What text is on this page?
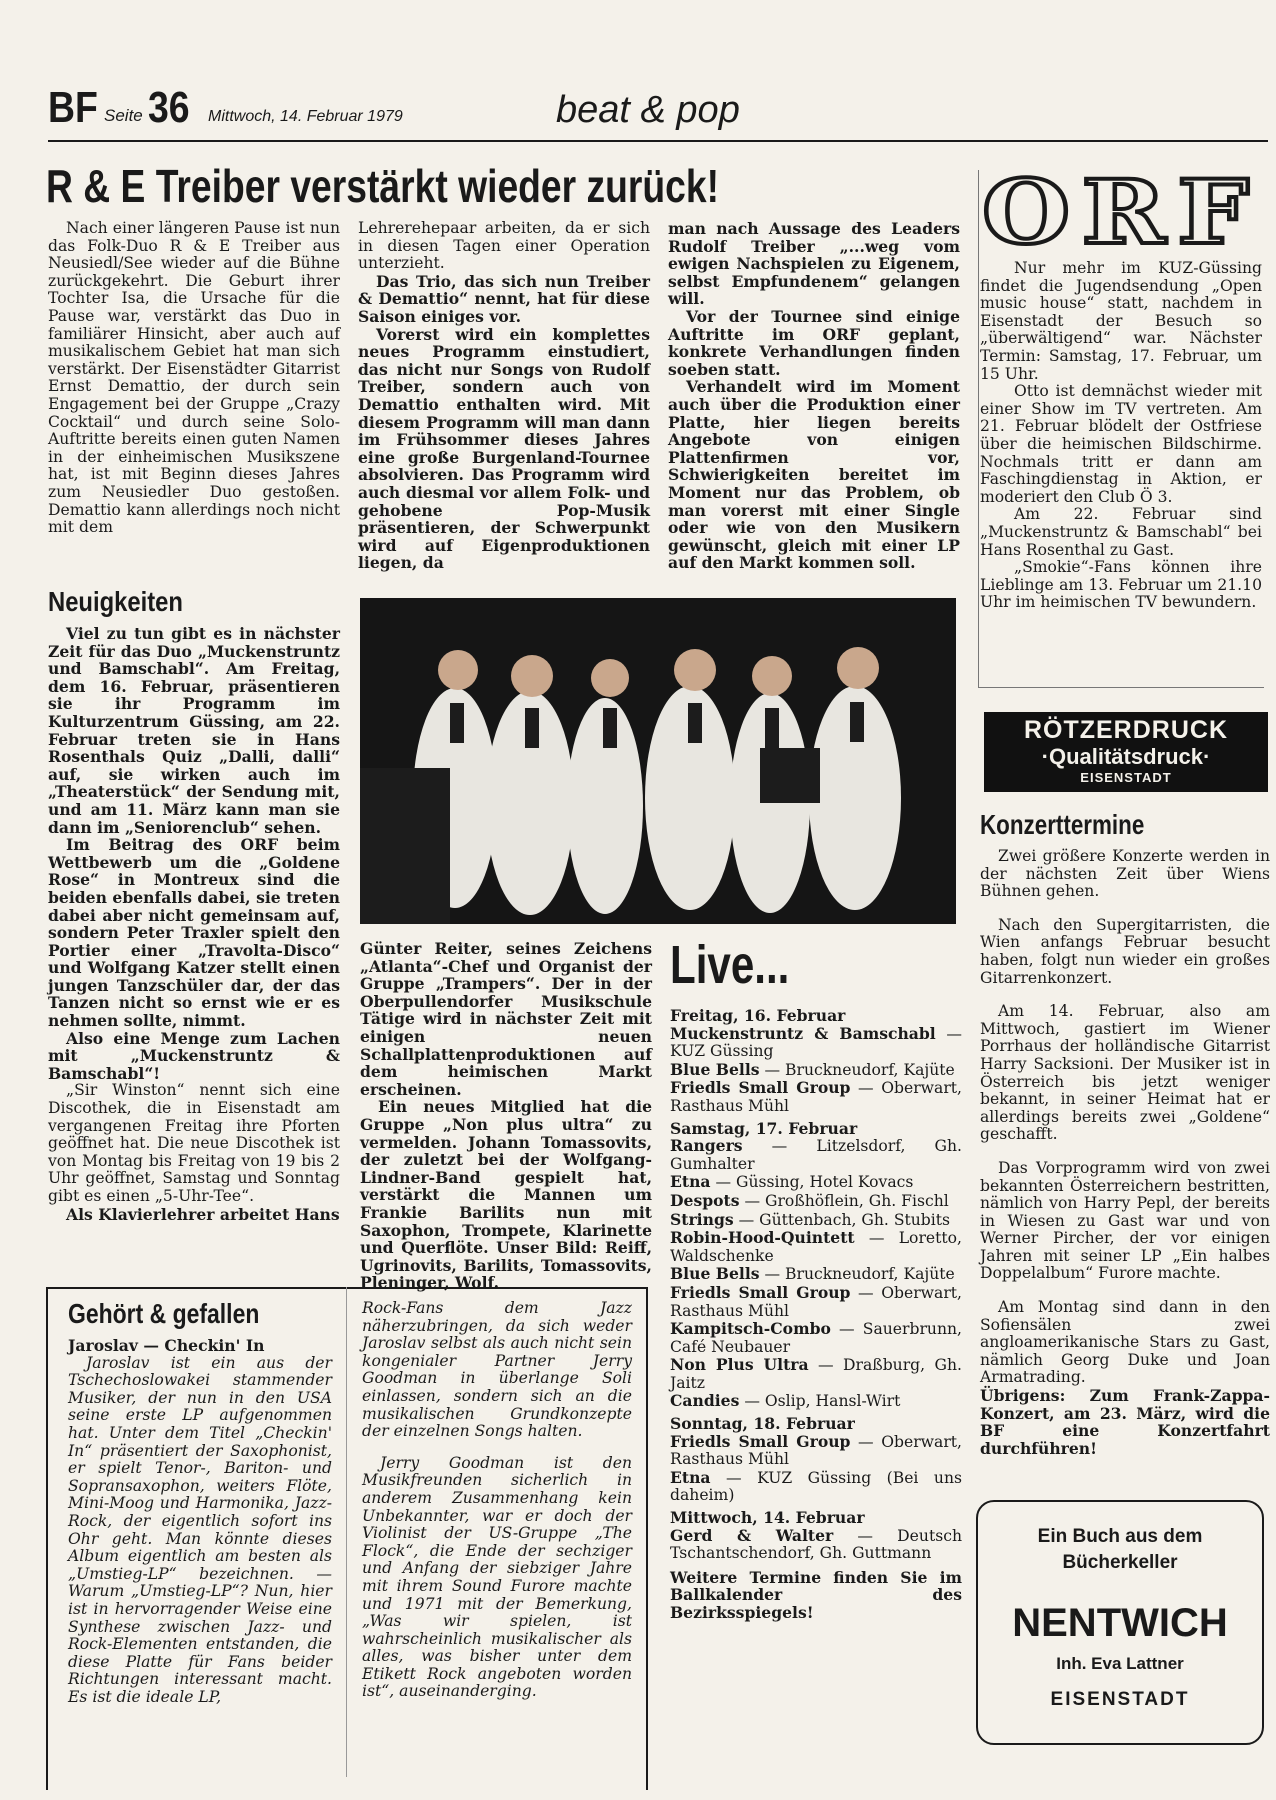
BF Seite 36 Mittwoch, 14. Februar 1979	beat & pop
R & E Treiber verstärkt wieder zurück!

Nach einer längeren Pause ist nun das Folk-Duo R & E Treiber aus Neusiedl/See wieder auf die Bühne zurückgekehrt. Die Geburt ihrer Tochter Isa, die Ursache für die Pause war, verstärkt das Duo in familiärer Hinsicht, aber auch auf musikalischem Gebiet hat man sich verstärkt. Der Eisenstädter Gitarrist Ernst Demattio, der durch sein Engagement bei der Gruppe „Crazy Cocktail“ und durch seine Solo-Auftritte bereits einen guten Namen in der einheimischen Musikszene hat, ist mit Beginn dieses Jahres zum Neusiedler Duo gestoßen. Demattio kann allerdings noch nicht mit dem

Lehrerehepaar arbeiten, da er sich in diesen Tagen einer Operation unterzieht.

Das Trio, das sich nun Treiber & Demattio“ nennt, hat für diese Saison einiges vor.

Vorerst wird ein komplettes neues Programm einstudiert, das nicht nur Songs von Rudolf Treiber, sondern auch von Demattio enthalten wird. Mit diesem Programm will man dann im Frühsommer dieses Jahres eine große Burgenland-Tournee absolvieren. Das Programm wird auch diesmal vor allem Folk- und gehobene Pop-Musik präsentieren, der Schwerpunkt wird auf Eigenproduktionen liegen, da

man nach Aussage des Leaders Rudolf Treiber „...weg vom ewigen Nachspielen zu Eigenem, selbst Empfundenem“ gelangen will.

Vor der Tournee sind einige Auftritte im ORF geplant, konkrete Verhandlungen finden soeben statt.

Verhandelt wird im Moment auch über die Produktion einer Platte, hier liegen bereits Angebote von einigen Plattenfirmen vor, Schwierigkeiten bereitet im Moment nur das Problem, ob man vorerst mit einer Single oder wie von den Musikern gewünscht, gleich mit einer LP auf den Markt kommen soll.

Neuigkeiten

Viel zu tun gibt es in nächster Zeit für das Duo „Muckenstruntz und Bamschabl“. Am Freitag, dem 16. Februar, präsentieren sie ihr Programm im Kulturzentrum Güssing, am 22. Februar treten sie in Hans Rosenthals Quiz „Dalli, dalli“ auf, sie wirken auch im „Theaterstück“ der Sendung mit, und am 11. März kann man sie dann im „Seniorenclub“ sehen.

Im Beitrag des ORF beim Wettbewerb um die „Goldene Rose“ in Montreux sind die beiden ebenfalls dabei, sie treten dabei aber nicht gemeinsam auf, sondern Peter Traxler spielt den Portier einer „Travolta-Disco“ und Wolfgang Katzer stellt einen jungen Tanzschüler dar, der das Tanzen nicht so ernst wie er es nehmen sollte, nimmt.

Also eine Menge zum Lachen mit „Muckenstruntz & Bamschabl“!

„Sir Winston“ nennt sich eine Discothek, die in Eisenstadt am vergangenen Freitag ihre Pforten geöffnet hat. Die neue Discothek ist von Montag bis Freitag von 19 bis 2 Uhr geöffnet, Samstag und Sonntag gibt es einen „5-Uhr-Tee“.

Als Klavierlehrer arbeitet Hans

Günter Reiter, seines Zeichens „Atlanta“-Chef und Organist der Gruppe „Trampers“. Der in der Oberpullendorfer Musikschule Tätige wird in nächster Zeit mit einigen neuen Schallplattenproduktionen auf dem heimischen Markt erscheinen.

Ein neues Mitglied hat die Gruppe „Non plus ultra“ zu vermelden. Johann Tomassovits, der zuletzt bei der Wolfgang-Lindner-Band gespielt hat, verstärkt die Mannen um Frankie Barilits nun mit Saxophon, Trompete, Klarinette und Querflöte. Unser Bild: Reiff, Ugrinovits, Barilits, Tomassovits, Pleninger, Wolf.

Live...

Freitag, 16. Februar

Muckenstruntz & Bamschabl — KUZ Güssing

Blue Bells — Bruckneudorf, Kajüte

Friedls Small Group — Oberwart, Rasthaus Mühl

Samstag, 17. Februar

Rangers — Litzelsdorf, Gh. Gumhalter

Etna — Güssing, Hotel Kovacs

Despots — Großhöflein, Gh. Fischl

Strings — Güttenbach, Gh. Stubits

Robin-Hood-Quintett — Loretto, Waldschenke

Blue Bells — Bruckneudorf, Kajüte

Friedls Small Group — Oberwart, Rasthaus Mühl

Kampitsch-Combo — Sauerbrunn, Café Neubauer

Non Plus Ultra — Draßburg, Gh. Jaitz

Candies — Oslip, Hansl-Wirt

Sonntag, 18. Februar

Friedls Small Group — Oberwart, Rasthaus Mühl

Etna — KUZ Güssing (Bei uns daheim)

Mittwoch, 14. Februar

Gerd & Walter — Deutsch Tschantschendorf, Gh. Guttmann

Weitere Termine finden Sie im Ballkalender des Bezirksspiegels!

Gehört & gefallen

Jaroslav — Checkin' In

Jaroslav ist ein aus der Tschechoslowakei stammender Musiker, der nun in den USA seine erste LP aufgenommen hat. Unter dem Titel „Checkin' In“ präsentiert der Saxophonist, er spielt Tenor-, Bariton- und Sopransaxophon, weiters Flöte, Mini-Moog und Harmonika, Jazz-Rock, der eigentlich sofort ins Ohr geht. Man könnte dieses Album eigentlich am besten als „Umstieg-LP“ bezeichnen. — Warum „Umstieg-LP“? Nun, hier ist in hervorragender Weise eine Synthese zwischen Jazz- und Rock-Elementen entstanden, die diese Platte für Fans beider Richtungen interessant macht. Es ist die ideale LP,

Rock-Fans dem Jazz näherzubringen, da sich weder Jaroslav selbst als auch nicht sein kongenialer Partner Jerry Goodman in überlange Soli einlassen, sondern sich an die musikalischen Grundkonzepte der einzelnen Songs halten.

Jerry Goodman ist den Musikfreunden sicherlich in anderem Zusammenhang kein Unbekannter, war er doch der Violinist der US-Gruppe „The Flock“, die Ende der sechziger und Anfang der siebziger Jahre mit ihrem Sound Furore machte und 1971 mit der Bemerkung, „Was wir spielen, ist wahrscheinlich musikalischer als alles, was bisher unter dem Etikett Rock angeboten worden ist“, auseinanderging.

ORF

Nur mehr im KUZ-Güssing findet die Jugendsendung „Open music house“ statt, nachdem in Eisenstadt der Besuch so „überwältigend“ war. Nächster Termin: Samstag, 17. Februar, um 15 Uhr.

Otto ist demnächst wieder mit einer Show im TV vertreten. Am 21. Februar blödelt der Ostfriese über die heimischen Bildschirme. Nochmals tritt er dann am Faschingdienstag in Aktion, er moderiert den Club Ö 3.

Am 22. Februar sind „Muckenstruntz & Bamschabl“ bei Hans Rosenthal zu Gast.

„Smokie“-Fans können ihre Lieblinge am 13. Februar um 21.10 Uhr im heimischen TV bewundern.

RÖTZERDRUCK
·Qualitätsdruck·
EISENSTADT
Konzerttermine

Zwei größere Konzerte werden in der nächsten Zeit über Wiens Bühnen gehen.

Nach den Supergitarristen, die Wien anfangs Februar besucht haben, folgt nun wieder ein großes Gitarrenkonzert.

Am 14. Februar, also am Mittwoch, gastiert im Wiener Porrhaus der holländische Gitarrist Harry Sacksioni. Der Musiker ist in Österreich bis jetzt weniger bekannt, in seiner Heimat hat er allerdings bereits zwei „Goldene“ geschafft.

Das Vorprogramm wird von zwei bekannten Österreichern bestritten, nämlich von Harry Pepl, der bereits in Wiesen zu Gast war und von Werner Pircher, der vor einigen Jahren mit seiner LP „Ein halbes Doppelalbum“ Furore machte.

Am Montag sind dann in den Sofiensälen zwei angloamerikanische Stars zu Gast, nämlich Georg Duke und Joan Armatrading.

Übrigens: Zum Frank-Zappa-Konzert, am 23. März, wird die BF eine Konzertfahrt durchführen!

Ein Buch aus dem
Bücherkeller
NENTWICH
Inh. Eva Lattner
EISENSTADT
